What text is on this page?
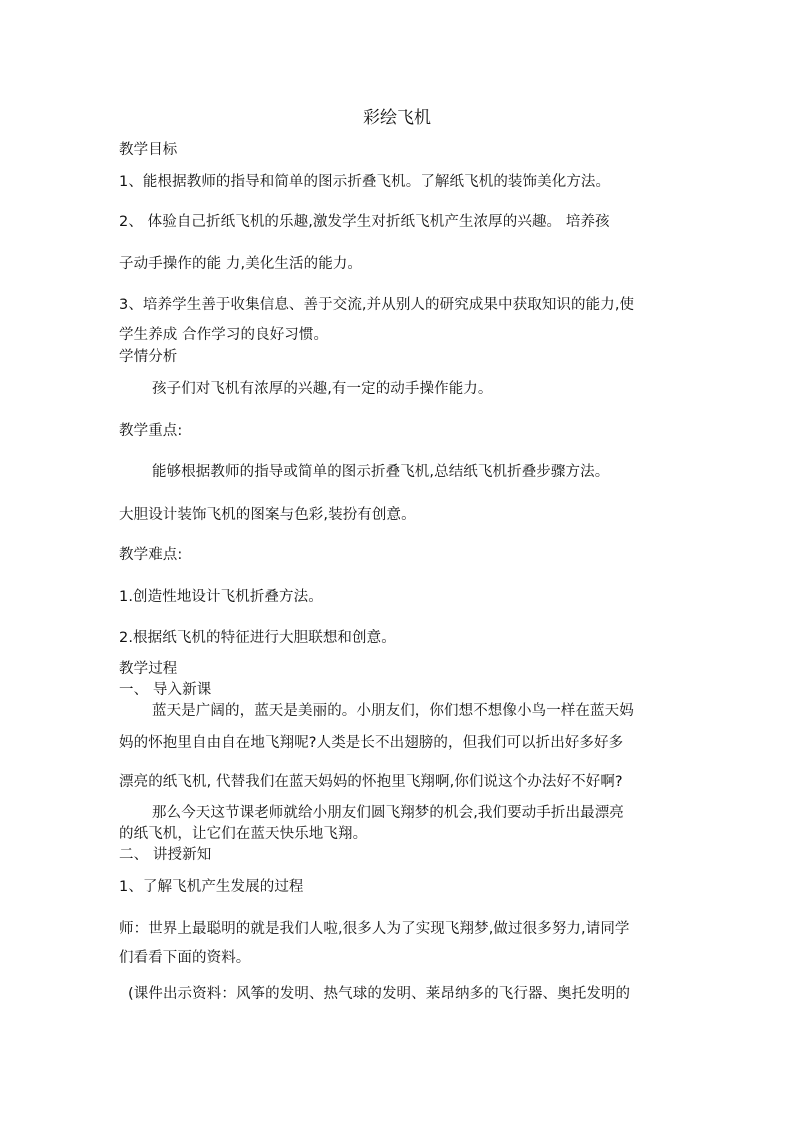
彩绘飞机
教学目标
1、能根据教师的指导和简单的图示折叠飞机。了解纸飞机的装饰美化方法。
2、 体验自己折纸飞机的乐趣,激发学生对折纸飞机产生浓厚的兴趣。 培养孩
子动手操作的能 力,美化生活的能力。
3、培养学生善于收集信息、善于交流,并从别人的研究成果中获取知识的能力,使
学生养成 合作学习的良好习惯。
学情分析
孩子们对飞机有浓厚的兴趣,有一定的动手操作能力。
教学重点:
能够根据教师的指导或简单的图示折叠飞机,总结纸飞机折叠步骤方法。
大胆设计装饰飞机的图案与色彩,装扮有创意。
教学难点:
1.创造性地设计飞机折叠方法。
2.根据纸飞机的特征进行大胆联想和创意。
教学过程
一、 导入新课
蓝天是广阔的，蓝天是美丽的。小朋友们，你们想不想像小鸟一样在蓝天妈
妈的怀抱里自由自在地飞翔呢?人类是长不出翅膀的，但我们可以折出好多好多
漂亮的纸飞机, 代替我们在蓝天妈妈的怀抱里飞翔啊,你们说这个办法好不好啊?
那么今天这节课老师就给小朋友们圆飞翔梦的机会,我们要动手折出最漂亮
的纸飞机，让它们在蓝天快乐地飞翔。
二、 讲授新知
1、了解飞机产生发展的过程
师：世界上最聪明的就是我们人啦,很多人为了实现飞翔梦,做过很多努力,请同学
们看看下面的资料。
(课件出示资料：风筝的发明、热气球的发明、莱昂纳多的飞行器、奥托发明的
